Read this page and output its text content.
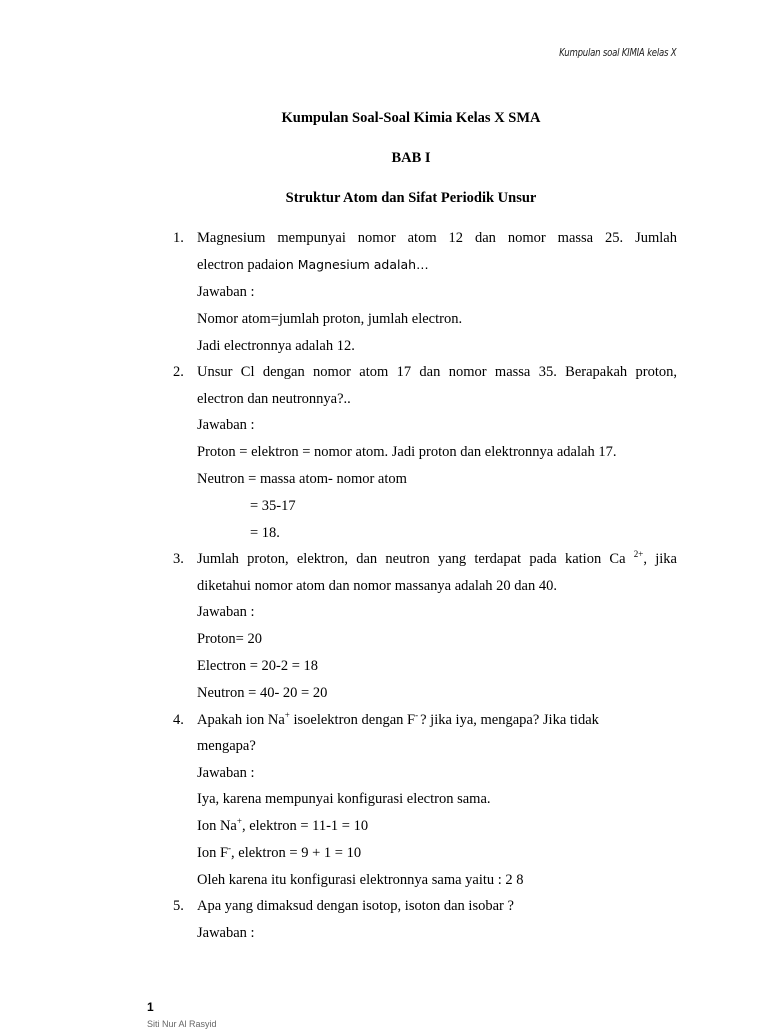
Kumpulan soal KIMIA kelas X
Kumpulan Soal-Soal Kimia Kelas X SMA
BAB I
Struktur Atom dan Sifat Periodik Unsur
1. Magnesium mempunyai nomor atom 12 dan nomor massa 25. Jumlah
electron padaion Magnesium adalah…
Jawaban :
Nomor atom=jumlah proton, jumlah electron.
Jadi electronnya adalah 12.
2. Unsur Cl dengan nomor atom 17 dan nomor massa 35. Berapakah proton,
electron dan neutronnya?..
Jawaban :
Proton = elektron = nomor atom. Jadi proton dan elektronnya adalah 17.
Neutron = massa atom- nomor atom
= 35-17
= 18.
3. Jumlah proton, elektron, dan neutron yang terdapat pada kation Ca $^{2+}$, jika
diketahui nomor atom dan nomor massanya adalah 20 dan 40.
Jawaban :
Proton= 20
Electron = 20-2 = 18
Neutron = 40- 20 = 20
4. Apakah ion Na+ isoelektron dengan F- ? jika iya, mengapa? Jika tidak
mengapa?
Jawaban :
Iya, karena mempunyai konfigurasi electron sama.
Ion Na+, elektron = 11-1 = 10
Ion F-, elektron = 9 + 1 = 10
Oleh karena itu konfigurasi elektronnya sama yaitu : 2 8
5. Apa yang dimaksud dengan isotop, isoton dan isobar ?
Jawaban :
1
Siti Nur Al Rasyid
